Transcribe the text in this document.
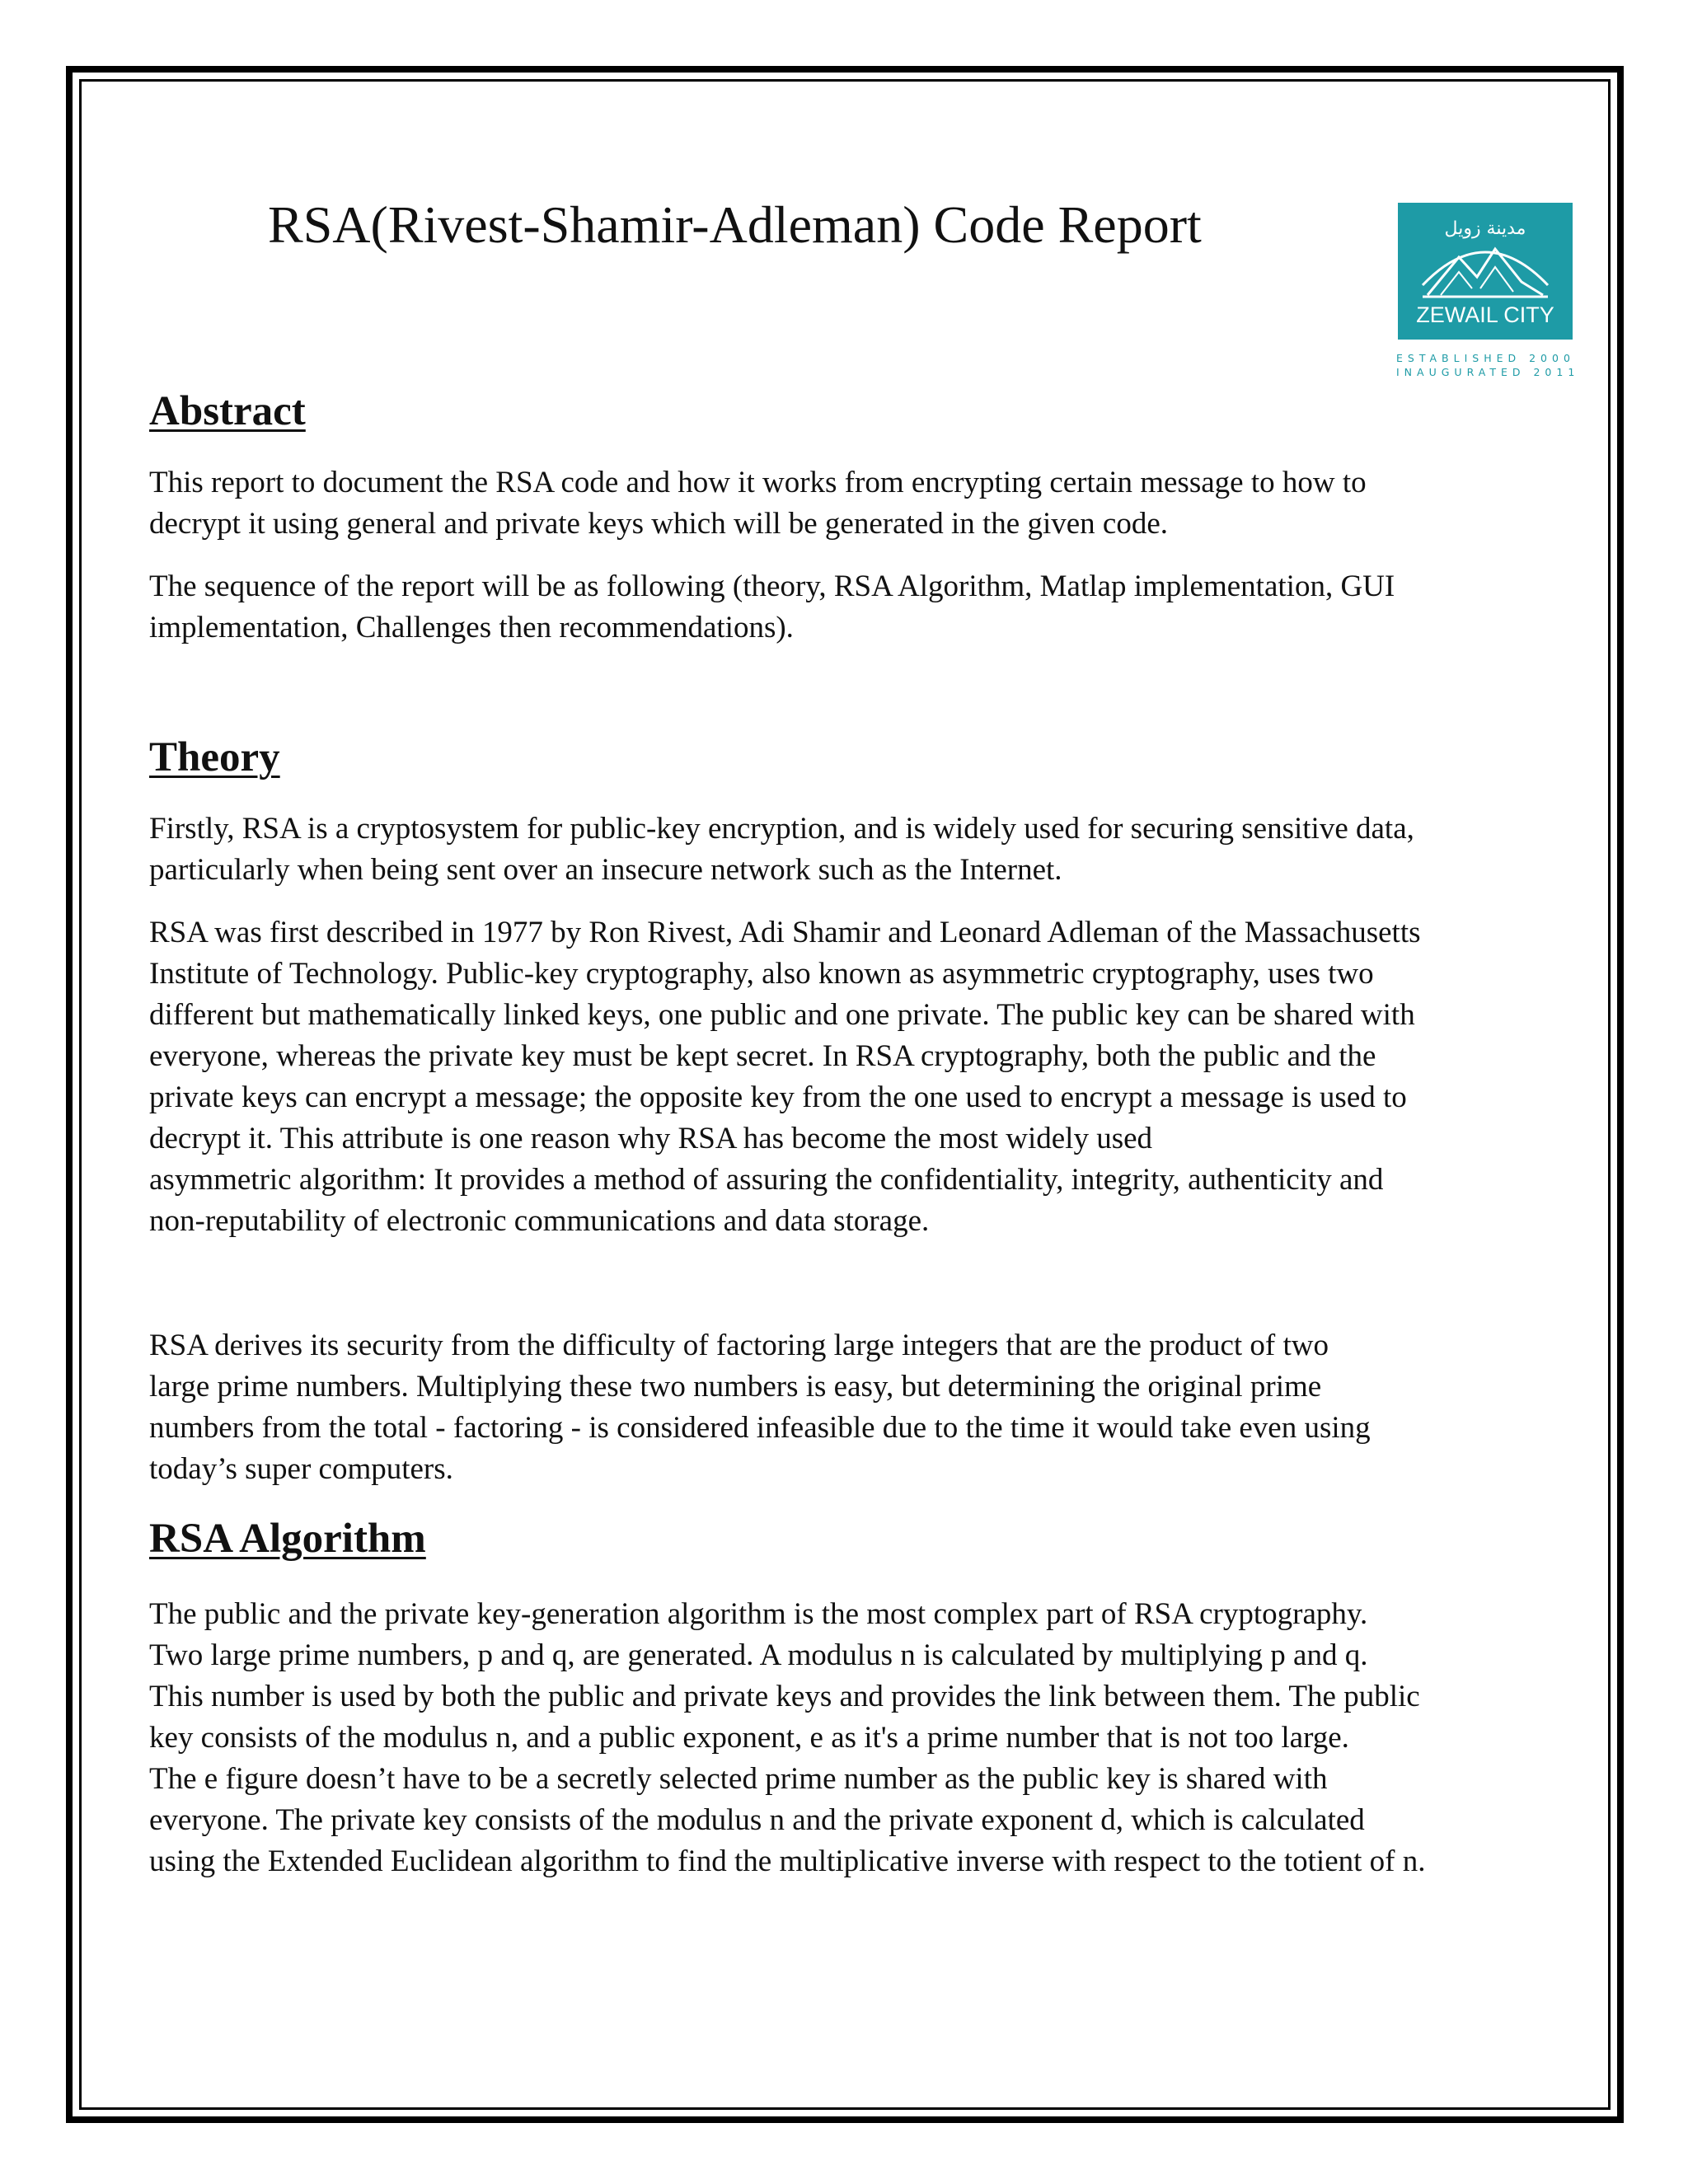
RSA(Rivest-Shamir-Adleman) Code Report	مدينة زويل
ZEWAIL CITY
ESTABLISHED 2000
INAUGURATED 2011
Abstract

This report to document the RSA code and how it works from encrypting certain message to how to
decrypt it using general and private keys which will be generated in the given code.

The sequence of the report will be as following (theory, RSA Algorithm, Matlap implementation, GUI
implementation, Challenges then recommendations).

Theory

Firstly, RSA is a cryptosystem for public-key encryption, and is widely used for securing sensitive data,
particularly when being sent over an insecure network such as the Internet.

RSA was first described in 1977 by Ron Rivest, Adi Shamir and Leonard Adleman of the Massachusetts
Institute of Technology. Public-key cryptography, also known as asymmetric cryptography, uses two
different but mathematically linked keys, one public and one private. The public key can be shared with
everyone, whereas the private key must be kept secret. In RSA cryptography, both the public and the
private keys can encrypt a message; the opposite key from the one used to encrypt a message is used to
decrypt it. This attribute is one reason why RSA has become the most widely used
asymmetric algorithm: It provides a method of assuring the confidentiality, integrity, authenticity and
non-reputability of electronic communications and data storage.

RSA derives its security from the difficulty of factoring large integers that are the product of two
large prime numbers. Multiplying these two numbers is easy, but determining the original prime
numbers from the total - factoring - is considered infeasible due to the time it would take even using
today’s super computers.

RSA Algorithm

The public and the private key-generation algorithm is the most complex part of RSA cryptography.
Two large prime numbers, p and q, are generated. A modulus n is calculated by multiplying p and q.
This number is used by both the public and private keys and provides the link between them. The public
key consists of the modulus n, and a public exponent, e as it's a prime number that is not too large.
The e figure doesn’t have to be a secretly selected prime number as the public key is shared with
everyone. The private key consists of the modulus n and the private exponent d, which is calculated
using the Extended Euclidean algorithm to find the multiplicative inverse with respect to the totient of n.
